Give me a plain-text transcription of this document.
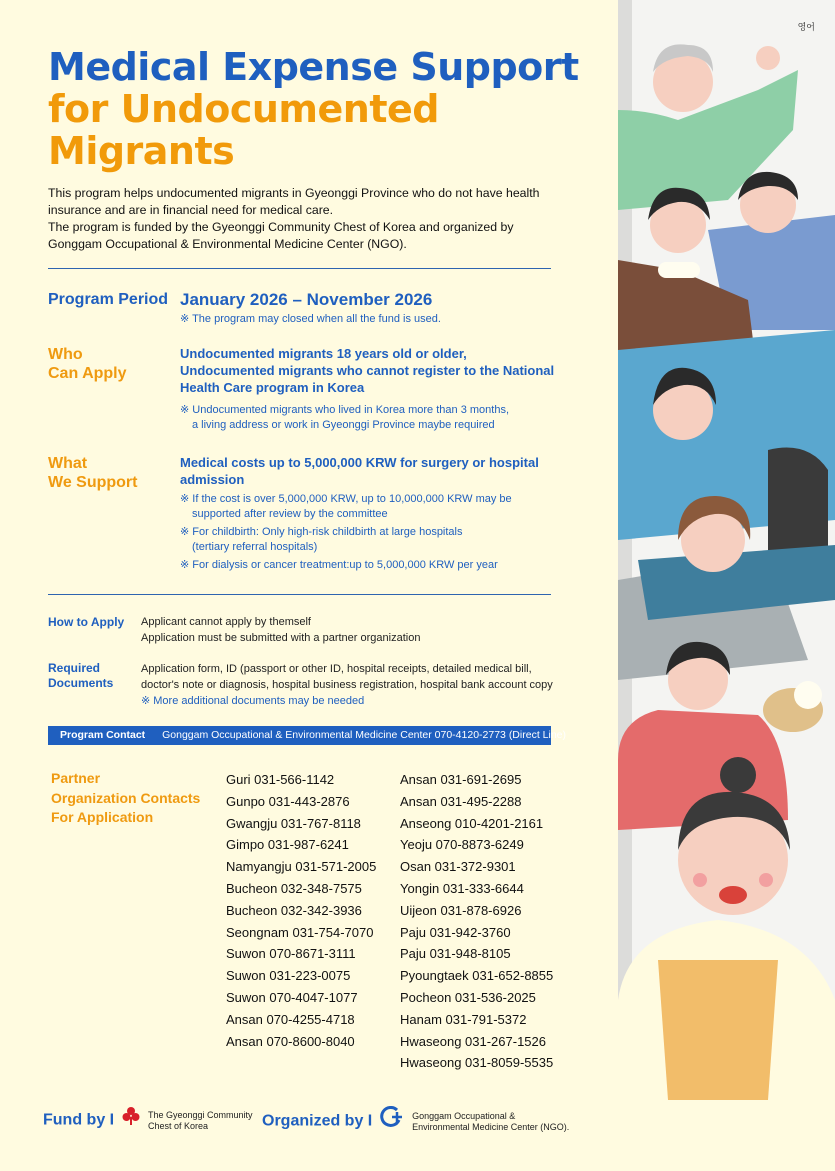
Medical Expense Support
for Undocumented
Migrants

This program helps undocumented migrants in Gyeonggi Province who do not have health insurance and are in financial need for medical care.

The program is funded by the Gyeonggi Community Chest of Korea and organized by Gonggam Occupational & Environmental Medicine Center (NGO).

Program Period January 2026 – November 2026
※ The program may closed when all the fund is used.
Who
Can Apply
Undocumented migrants 18 years old or older, Undocumented migrants who cannot register to the National Health Care program in Korea
※ Undocumented migrants who lived in Korea more than 3 months, a living address or work in Gyeonggi Province maybe required
What
We Support
Medical costs up to 5,000,000 KRW for surgery or hospital admission
※ If the cost is over 5,000,000 KRW, up to 10,000,000 KRW may be supported after review by the committee
※ For childbirth: Only high-risk childbirth at large hospitals (tertiary referral hospitals)
※ For dialysis or cancer treatment:up to 5,000,000 KRW per year
How to Apply Applicant cannot apply by themself
Application must be submitted with a partner organization
Required
Documents
Application form, ID (passport or other ID, hospital receipts, detailed medical bill, doctor's note or diagnosis, hospital business registration, hospital bank account copy
※ More additional documents may be needed
Program Contact Gonggam Occupational & Environmental Medicine Center 070-4120-2773 (Direct Line)
Partner
Organization Contacts
For Application
Guri 031-566-1142
Gunpo 031-443-2876
Gwangju 031-767-8118
Gimpo 031-987-6241
Namyangju 031-571-2005
Bucheon 032-348-7575
Bucheon 032-342-3936
Seongnam 031-754-7070
Suwon 070-8671-3111
Suwon 031-223-0075
Suwon 070-4047-1077
Ansan 070-4255-4718
Ansan 070-8600-8040
Ansan 031-691-2695
Ansan 031-495-2288
Anseong 010-4201-2161
Yeoju 070-8873-6249
Osan 031-372-9301
Yongin 031-333-6644
Uijeon 031-878-6926
Paju 031-942-3760
Paju 031-948-8105
Pyoungtaek 031-652-8855
Pocheon 031-536-2025
Hanam 031-791-5372
Hwaseong 031-267-1526
Hwaseong 031-8059-5535
Fund by I	The Gyeonggi Community
Chest of Korea	Organized by I	Gonggam Occupational &
Environmental Medicine Center (NGO).
영어
